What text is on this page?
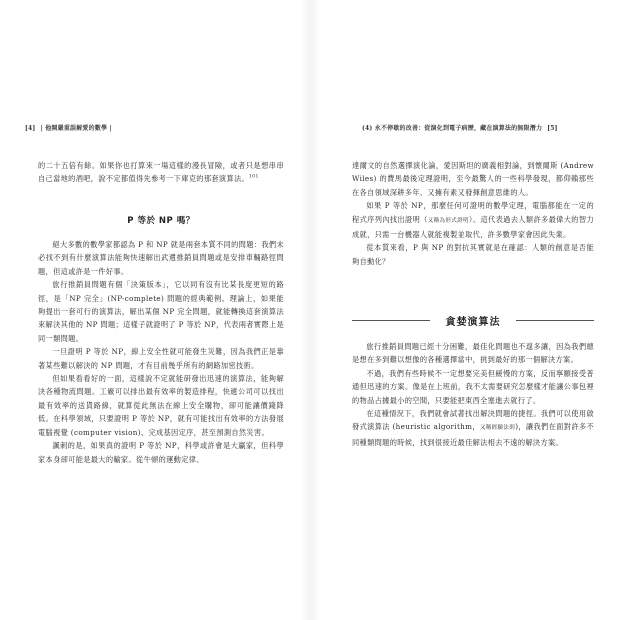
[4] | 他開嚴重誤解愛的數學 |	(4) 永不停歇的改善：從演化到電子病歷，藏在演算法的無限潛力 [5]

的二十五倍有餘。如果你也打算來一場這樣的漫長冒險，或者只是想串串自己當地的酒吧，說不定都值得先參考一下庫克的那套演算法。$^{101}$

P 等於 NP 嗎？

絕大多數的數學家都認為 P 和 NP 就是兩套本質不同的問題：我們未必找不到有什麼演算法能夠快速解出武遺推銷員問題或是安排車輛路徑問題，但這或許是一件好事。

旅行推銷員問題有個「決策版本」，它以同有沒有比某長度更短的路徑，是「NP 完全」(NP-complete) 問題的經典範例。理論上，如果能夠提出一套可行的演算法，解出某個 NP 完全問題，就能轉換這套演算法來解決其他的 NP 問題；這樣子就證明了 P 等於 NP，代表兩者實際上是同一類問題。

一旦證明 P 等於 NP，線上安全性就可能發生災難，因為我們正是靠著某些難以解決的 NP 問題，才有目前幾乎所有的網路加密技術。

但如果看看好的一面，這樣說不定就能研發出迅速的演算法，能夠解決各種物流問題。工廠可以排出最有效率的製造排程，快遞公司可以找出最有效率的送貨路線，就算從此無法在線上安全購物，卻可能讓價錢降低。在科學領域，只要證明 P 等於 NP，就有可能找出有效率的方法發展電腦視覺 (computer vision)、完成基因定序，甚至預測自然災害。

諷刺的是，如果真的證明 P 等於 NP，科學或許會是大贏家，但科學家本身卻可能是最大的輸家。從牛頓的運動定律、

達爾文的自然選擇演化論，愛因斯坦的廣義相對論，到懷爾斯 (Andrew Wiles) 的費馬最後定理證明，至今最驚人的一些科學發現，都仰賴那些在各自領域深耕多年、又擁有素又發揮創意思維的人。

如果 P 等於 NP，那麼任何可證明的數學定理，電腦都能在一定的程式序列內找出證明（又稱為形式證明）。這代表過去人類許多最偉大的智力成就，只需一台機器人就能複製並取代，許多數學家會因此失業。

從本質來看，P 與 NP 的對抗其實就是在確認：人類的創意是否能夠自動化？

貪婪演算法

旅行推銷員問題已經十分困難，最佳化問題也不遑多讓，因為我們總是想在多到難以想像的各種選擇當中，挑到最好的那一個解決方案。

不過，我們有些時候不一定想要完美但緩慢的方案，反而寧願接受普通但迅速的方案。像是在上班前，我不太需要研究怎麼樣才能讓公事包裡的物品占據最小的空間，只要能把東西全塞進去就行了。

在這種情況下，我們就會試著找出解決問題的捷徑。我們可以使用啟發式演算法 (heuristic algorithm，又稱經驗法則)，讓我們在面對許多不同種類問題的時候，找到很接近最佳解法相去不遠的解決方案。
